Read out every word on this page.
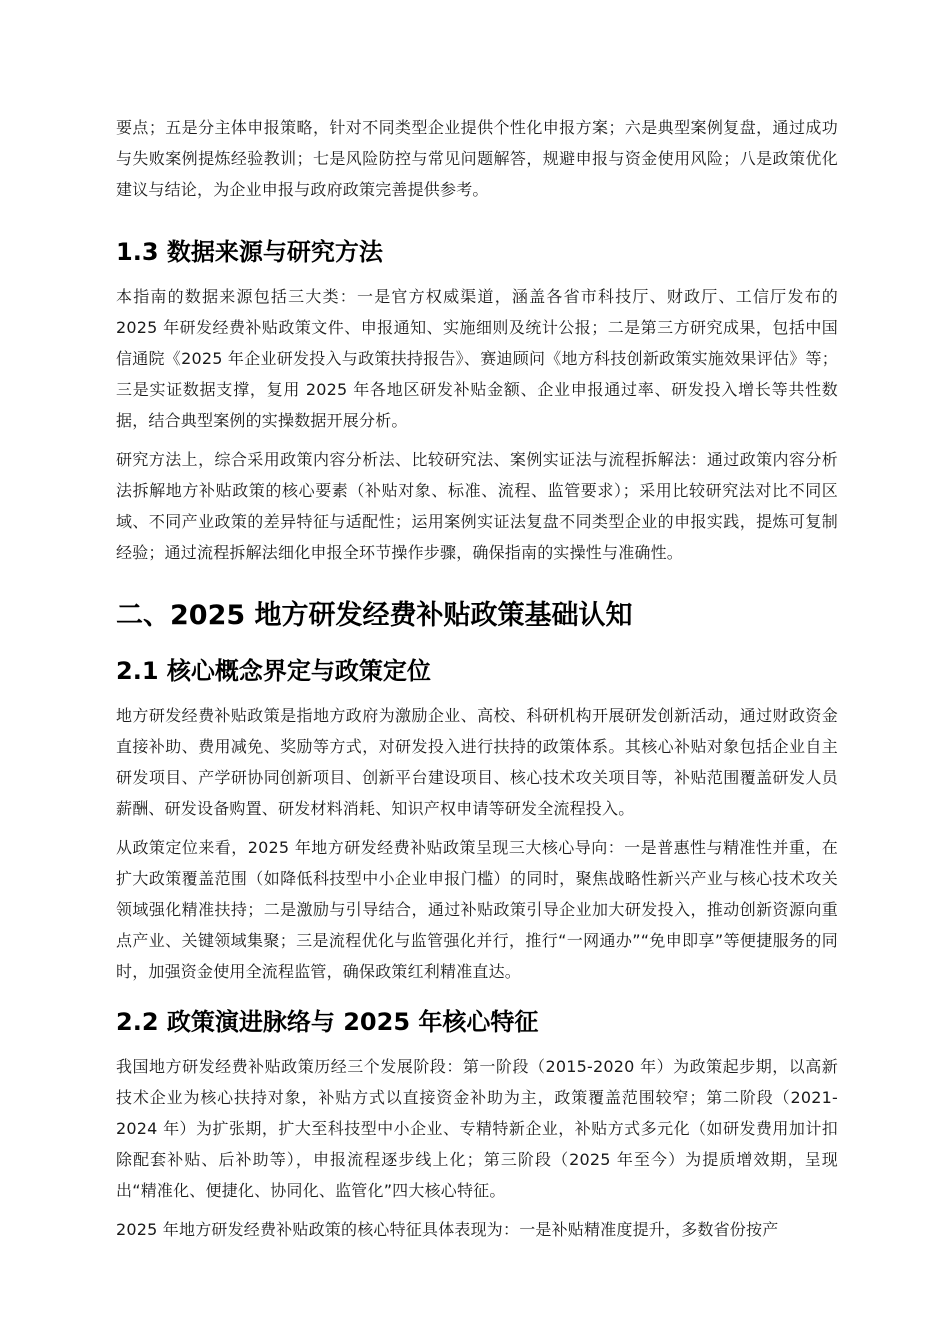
要点；五是分主体申报策略，针对不同类型企业提供个性化申报方案；六是典型案例复盘，通过成功与失败案例提炼经验教训；七是风险防控与常见问题解答，规避申报与资金使用风险；八是政策优化建议与结论，为企业申报与政府政策完善提供参考。

1.3 数据来源与研究方法

本指南的数据来源包括三大类：一是官方权威渠道，涵盖各省市科技厅、财政厅、工信厅发布的 2025 年研发经费补贴政策文件、申报通知、实施细则及统计公报；二是第三方研究成果，包括中国信通院《2025 年企业研发投入与政策扶持报告》、赛迪顾问《地方科技创新政策实施效果评估》等；三是实证数据支撑，复用 2025 年各地区研发补贴金额、企业申报通过率、研发投入增长等共性数据，结合典型案例的实操数据开展分析。

研究方法上，综合采用政策内容分析法、比较研究法、案例实证法与流程拆解法：通过政策内容分析法拆解地方补贴政策的核心要素（补贴对象、标准、流程、监管要求）；采用比较研究法对比不同区域、不同产业政策的差异特征与适配性；运用案例实证法复盘不同类型企业的申报实践，提炼可复制经验；通过流程拆解法细化申报全环节操作步骤，确保指南的实操性与准确性。

二、2025 地方研发经费补贴政策基础认知
2.1 核心概念界定与政策定位

地方研发经费补贴政策是指地方政府为激励企业、高校、科研机构开展研发创新活动，通过财政资金直接补助、费用减免、奖励等方式，对研发投入进行扶持的政策体系。其核心补贴对象包括企业自主研发项目、产学研协同创新项目、创新平台建设项目、核心技术攻关项目等，补贴范围覆盖研发人员薪酬、研发设备购置、研发材料消耗、知识产权申请等研发全流程投入。

从政策定位来看，2025 年地方研发经费补贴政策呈现三大核心导向：一是普惠性与精准性并重，在扩大政策覆盖范围（如降低科技型中小企业申报门槛）的同时，聚焦战略性新兴产业与核心技术攻关领域强化精准扶持；二是激励与引导结合，通过补贴政策引导企业加大研发投入，推动创新资源向重点产业、关键领域集聚；三是流程优化与监管强化并行，推行“一网通办”“免申即享”等便捷服务的同时，加强资金使用全流程监管，确保政策红利精准直达。

2.2 政策演进脉络与 2025 年核心特征

我国地方研发经费补贴政策历经三个发展阶段：第一阶段（2015-2020 年）为政策起步期，以高新技术企业为核心扶持对象，补贴方式以直接资金补助为主，政策覆盖范围较窄；第二阶段（2021-2024 年）为扩张期，扩大至科技型中小企业、专精特新企业，补贴方式多元化（如研发费用加计扣除配套补贴、后补助等），申报流程逐步线上化；第三阶段（2025 年至今）为提质增效期，呈现出“精准化、便捷化、协同化、监管化”四大核心特征。

2025 年地方研发经费补贴政策的核心特征具体表现为：一是补贴精准度提升，多数省份按产
